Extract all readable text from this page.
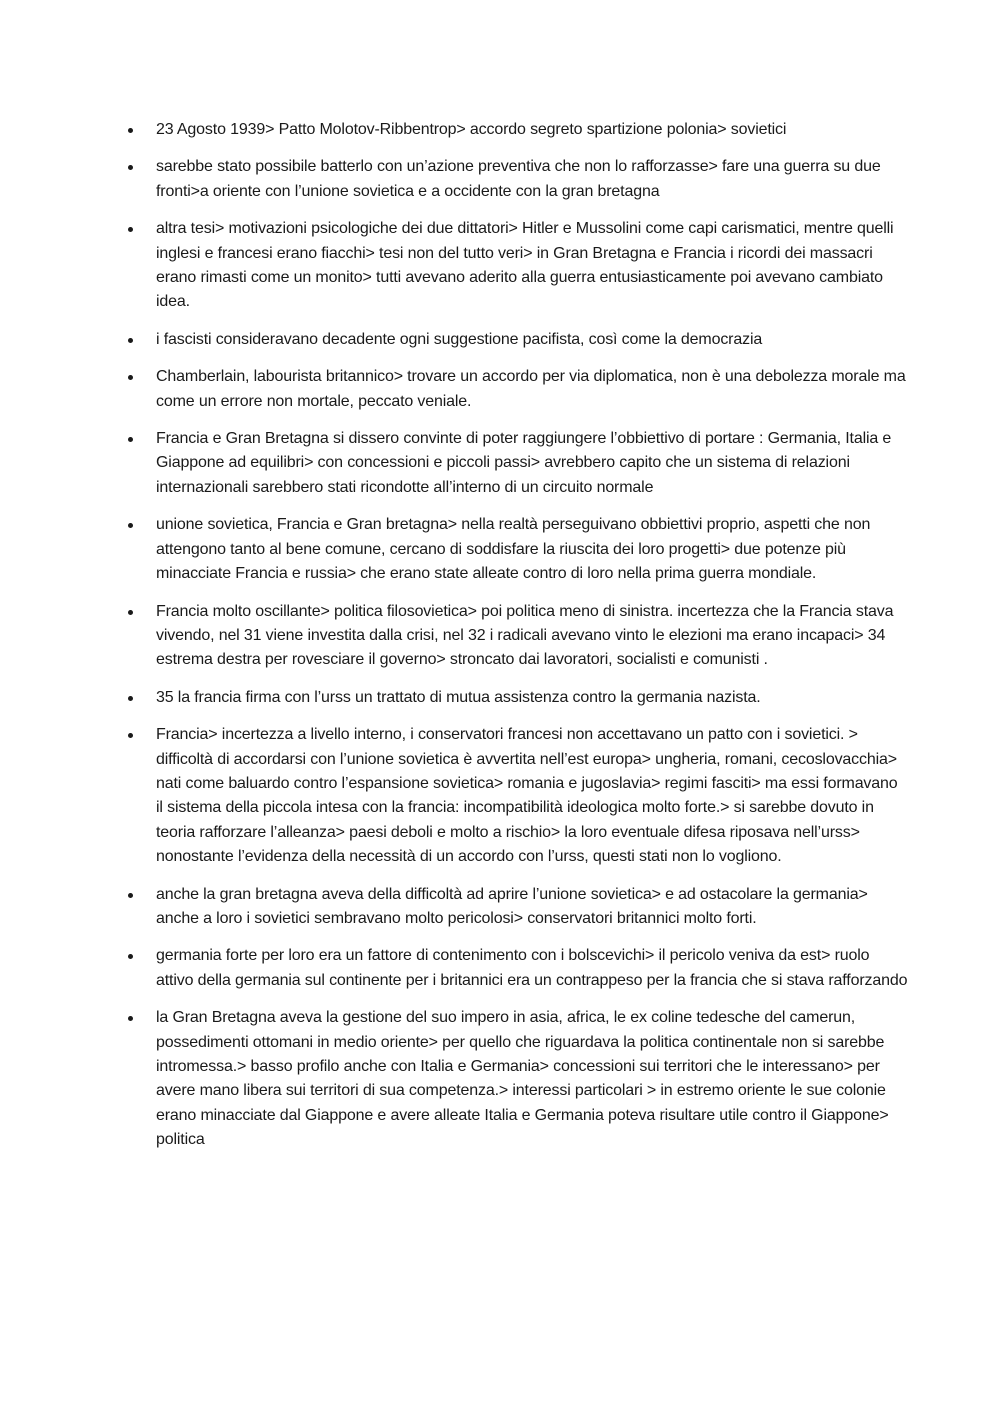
23 Agosto 1939> Patto Molotov-Ribbentrop> accordo segreto spartizione polonia> sovietici
sarebbe stato possibile batterlo con un’azione preventiva che non lo rafforzasse> fare una guerra su due fronti>a oriente con l’unione sovietica e a occidente con la gran bretagna
altra tesi> motivazioni psicologiche dei due dittatori> Hitler e Mussolini come capi carismatici, mentre quelli inglesi e francesi erano fiacchi> tesi non del tutto veri> in Gran Bretagna e Francia i ricordi dei massacri erano rimasti come un monito> tutti avevano aderito alla guerra entusiasticamente poi avevano cambiato idea.
i fascisti consideravano decadente ogni suggestione pacifista, così come la democrazia
Chamberlain, labourista britannico> trovare un accordo per via diplomatica, non è una debolezza morale ma come un errore non mortale, peccato veniale.
Francia e Gran Bretagna si dissero convinte di poter raggiungere l’obbiettivo di portare : Germania, Italia e Giappone ad equilibri> con concessioni e piccoli passi> avrebbero capito che un sistema di relazioni internazionali sarebbero stati ricondotte all’interno di un circuito normale
unione sovietica, Francia e Gran bretagna> nella realtà perseguivano obbiettivi proprio, aspetti che non attengono tanto al bene comune, cercano di soddisfare la riuscita dei loro progetti> due potenze più minacciate Francia e russia> che erano state alleate contro di loro nella prima guerra mondiale.
Francia molto oscillante> politica filosovietica> poi politica meno di sinistra. incertezza che la Francia stava vivendo, nel 31 viene investita dalla crisi, nel 32 i radicali avevano vinto le elezioni ma erano incapaci> 34 estrema destra per rovesciare il governo> stroncato dai lavoratori, socialisti e comunisti .
35 la francia firma con l’urss un trattato di mutua assistenza contro la germania nazista.
Francia> incertezza a livello interno, i conservatori francesi non accettavano un patto con i sovietici. > difficoltà di accordarsi con l’unione sovietica è avvertita nell’est europa> ungheria, romani, cecoslovacchia> nati come baluardo contro l’espansione sovietica> romania e jugoslavia> regimi fasciti> ma essi formavano il sistema della piccola intesa con la francia: incompatibilità ideologica molto forte.> si sarebbe dovuto in teoria rafforzare l’alleanza> paesi deboli e molto a rischio> la loro eventuale difesa riposava nell’urss> nonostante l’evidenza della necessità di un accordo con l’urss, questi stati non lo vogliono.
anche la gran bretagna aveva della difficoltà ad aprire l’unione sovietica> e ad ostacolare la germania> anche a loro i sovietici sembravano molto pericolosi> conservatori britannici molto forti.
germania forte per loro era un fattore di contenimento con i bolscevichi> il pericolo veniva da est> ruolo attivo della germania sul continente per i britannici era un contrappeso per la francia che si stava rafforzando
la Gran Bretagna aveva la gestione del suo impero in asia, africa, le ex coline tedesche del camerun, possedimenti ottomani in medio oriente> per quello che riguardava la politica continentale non si sarebbe intromessa.> basso profilo anche con Italia e Germania> concessioni sui territori che le interessano> per avere mano libera sui territori di sua competenza.> interessi particolari > in estremo oriente le sue colonie erano minacciate dal Giappone e avere alleate Italia e Germania poteva risultare utile contro il Giappone> politica
